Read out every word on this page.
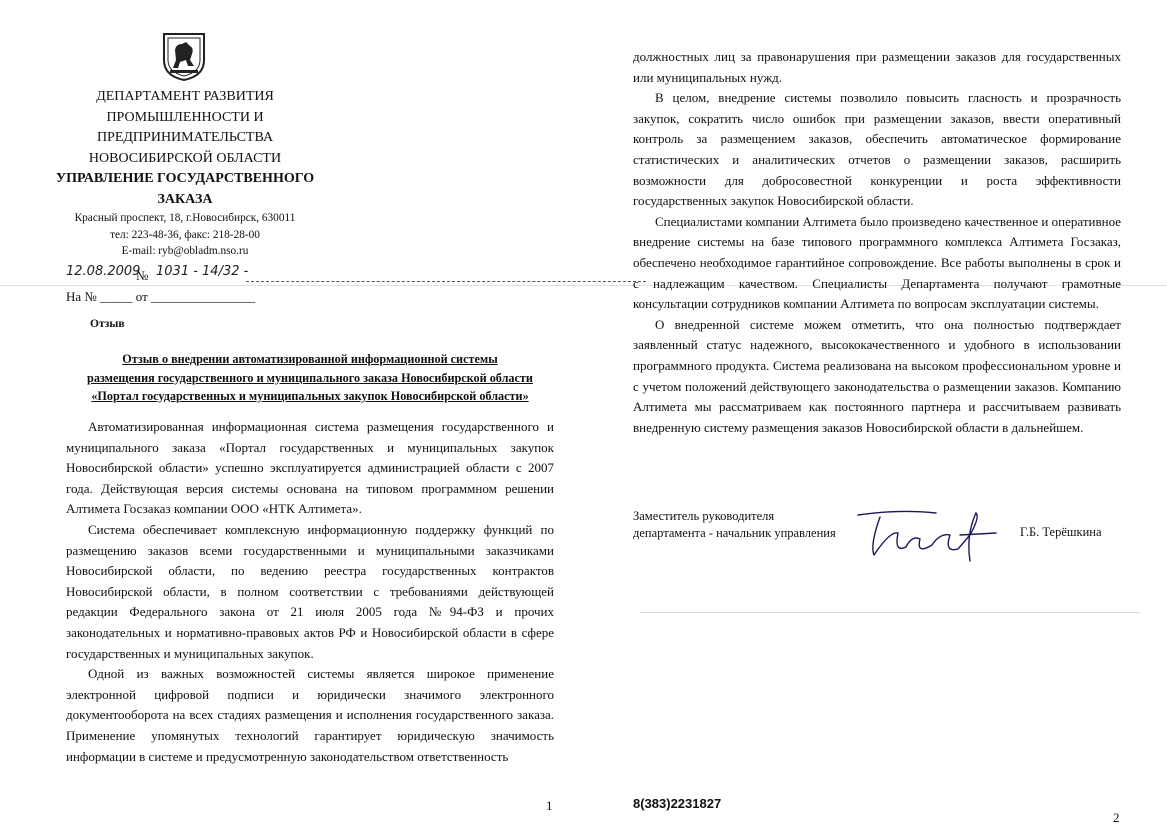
ДЕПАРТАМЕНТ РАЗВИТИЯ
ПРОМЫШЛЕННОСТИ И
ПРЕДПРИНИМАТЕЛЬСТВА
НОВОСИБИРСКОЙ ОБЛАСТИ
УПРАВЛЕНИЕ ГОСУДАРСТВЕННОГО
ЗАКАЗА
Красный проспект, 18, г.Новосибирск, 630011
тел: 223-48-36, факс: 218-28-00
E-mail: ryb@obladm.nso.ru
12.08.2009
№ 1031 - 14/32 -
На № _____ от ________________
Отзыв
Отзыв о внедрении автоматизированной информационной системы
размещения государственного и муниципального заказа Новосибирской области
«Портал государственных и муниципальных закупок Новосибирской области»

Автоматизированная информационная система размещения государственного и муниципального заказа «Портал государственных и муниципальных закупок Новосибирской области» успешно эксплуатируется администрацией области с 2007 года. Действующая версия системы основана на типовом программном решении Алтимета Госзаказ компании ООО «НТК Алтимета».

Система обеспечивает комплексную информационную поддержку функций по размещению заказов всеми государственными и муниципальными заказчиками Новосибирской области, по ведению реестра государственных контрактов Новосибирской области, в полном соответствии с требованиями действующей редакции Федерального закона от 21 июля 2005 года №94-ФЗ и прочих законодательных и нормативно-правовых актов РФ и Новосибирской области в сфере государственных и муниципальных закупок.

Одной из важных возможностей системы является широкое применение электронной цифровой подписи и юридически значимого электронного документооборота на всех стадиях размещения и исполнения государственного заказа. Применение упомянутых технологий гарантирует юридическую значимость информации в системе и предусмотренную законодательством ответственность

должностных лиц за правонарушения при размещении заказов для государственных или муниципальных нужд.

В целом, внедрение системы позволило повысить гласность и прозрачность закупок, сократить число ошибок при размещении заказов, ввести оперативный контроль за размещением заказов, обеспечить автоматическое формирование статистических и аналитических отчетов о размещении заказов, расширить возможности для добросовестной конкуренции и роста эффективности государственных закупок Новосибирской области.

Специалистами компании Алтимета было произведено качественное и оперативное внедрение системы на базе типового программного комплекса Алтимета Госзаказ, обеспечено необходимое гарантийное сопровождение. Все работы выполнены в срок и с надлежащим качеством. Специалисты Департамента получают грамотные консультации сотрудников компании Алтимета по вопросам эксплуатации системы.

О внедренной системе можем отметить, что она полностью подтверждает заявленный статус надежного, высококачественного и удобного в использовании программного продукта. Система реализована на высоком профессиональном уровне и с учетом положений действующего законодательства о размещении заказов. Компанию Алтимета мы рассматриваем как постоянного партнера и рассчитываем развивать внедренную систему размещения заказов Новосибирской области в дальнейшем.

Заместитель руководителя
департамента - начальник управления	Г.Б. Терёшкина
1	8(383)2231827
2
